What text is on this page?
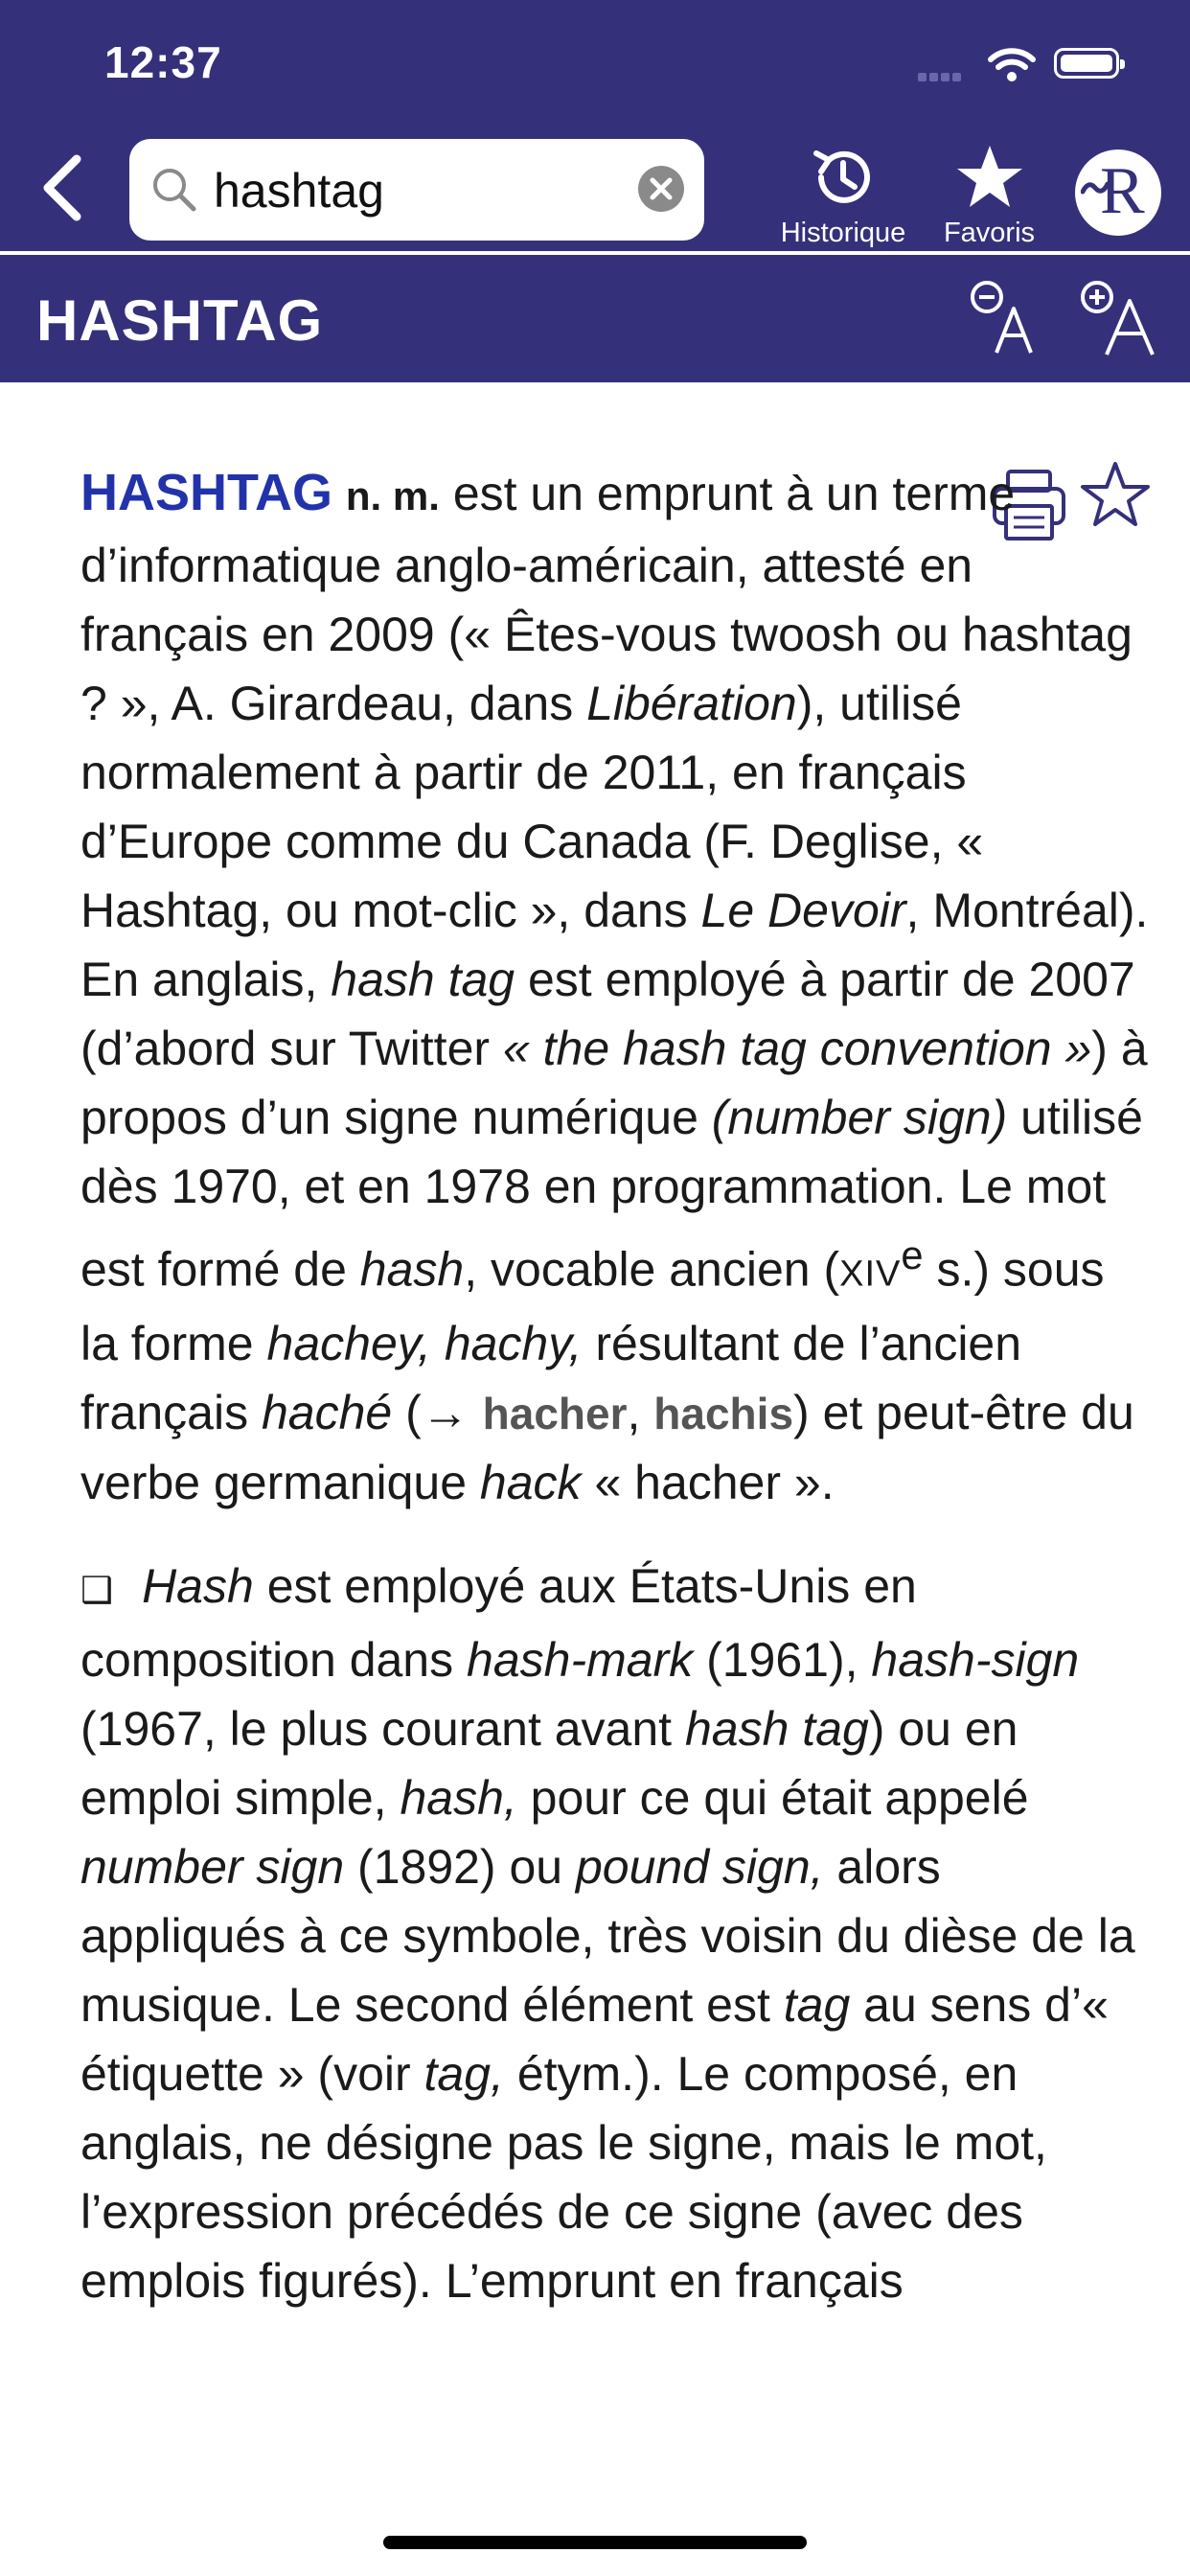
12:37
hashtag
Historique	Favoris
R
HASHTAG

HASHTAG n. m. est un emprunt à un terme d’informatique anglo-américain, attesté en français en 2009 (« Êtes-vous twoosh ou hashtag ? », A. Girardeau, dans Libération), utilisé normalement à partir de 2011, en français d’Europe comme du Canada (F. Deglise, « Hashtag, ou mot-clic », dans Le Devoir, Montréal). En anglais, hash tag est employé à partir de 2007 (d’abord sur Twitter « the hash tag convention ») à propos d’un signe numérique (number sign) utilisé dès 1970, et en 1978 en programmation. Le mot est formé de hash, vocable ancien (XIVe s.) sous la forme hachey, hachy, résultant de l’ancien français haché (→ hacher, hachis) et peut-être du verbe germanique hack « hacher ».

❑ Hash est employé aux États-Unis en composition dans hash-mark (1961), hash-sign (1967, le plus courant avant hash tag) ou en emploi simple, hash, pour ce qui était appelé number sign (1892) ou pound sign, alors appliqués à ce symbole, très voisin du dièse de la musique. Le second élément est tag au sens d’« étiquette » (voir tag, étym.). Le composé, en anglais, ne désigne pas le signe, mais le mot, l’expression précédés de ce signe (avec des emplois figurés). L’emprunt en français
